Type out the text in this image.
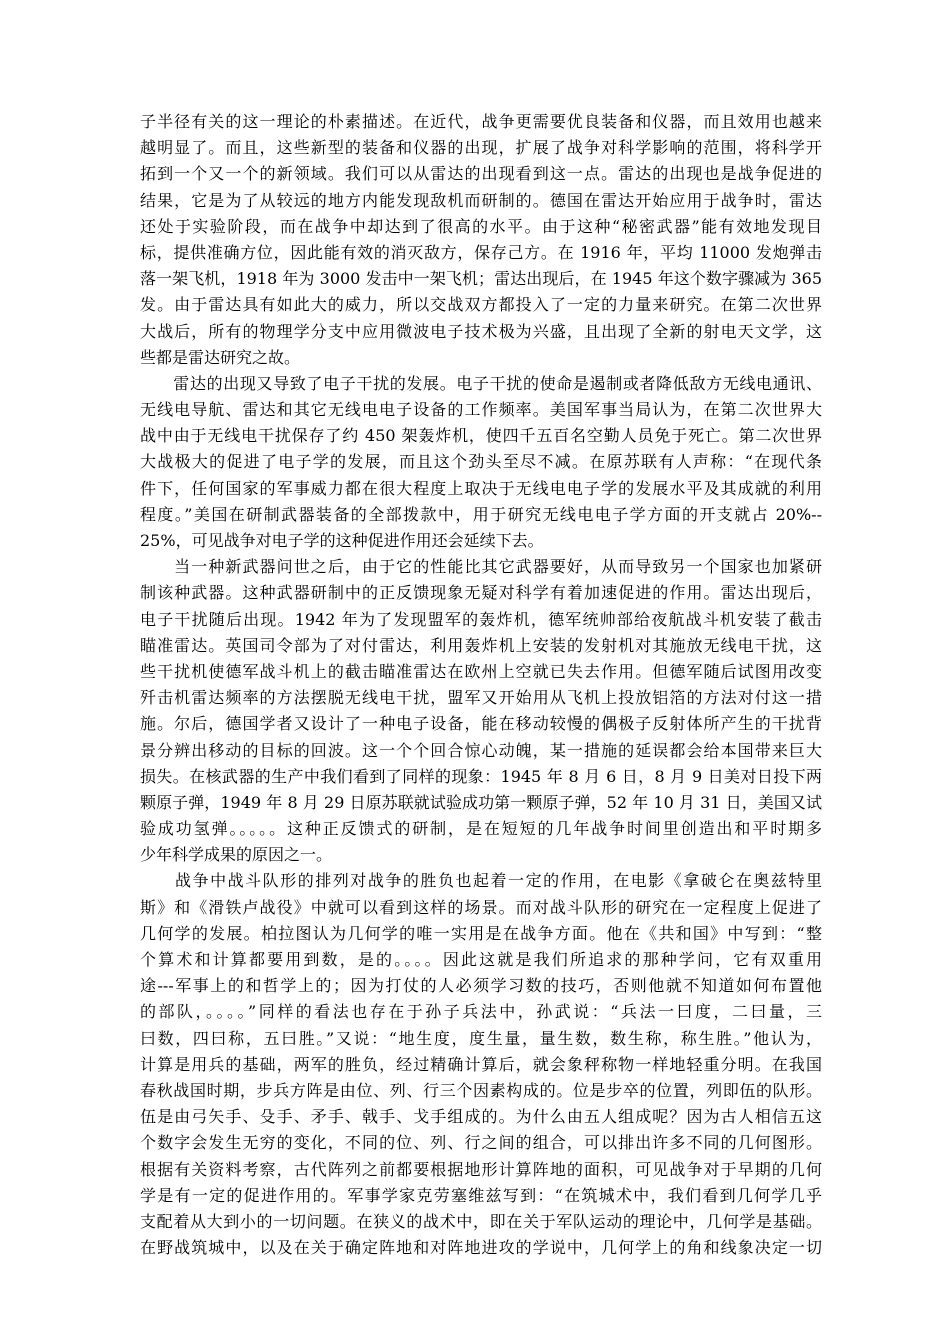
子半径有关的这一理论的朴素描述。在近代，战争更需要优良装备和仪器，而且效用也越来
越明显了。而且，这些新型的装备和仪器的出现，扩展了战争对科学影响的范围，将科学开
拓到一个又一个的新领域。我们可以从雷达的出现看到这一点。雷达的出现也是战争促进的
结果，它是为了从较远的地方内能发现敌机而研制的。德国在雷达开始应用于战争时，雷达
还处于实验阶段，而在战争中却达到了很高的水平。由于这种“秘密武器”能有效地发现目
标，提供准确方位，因此能有效的消灭敌方，保存己方。在 1916 年，平均 11000 发炮弹击
落一架飞机，1918 年为 3000 发击中一架飞机；雷达出现后，在 1945 年这个数字骤减为 365
发。由于雷达具有如此大的威力，所以交战双方都投入了一定的力量来研究。在第二次世界
大战后，所有的物理学分支中应用微波电子技术极为兴盛，且出现了全新的射电天文学，这
些都是雷达研究之故。
　　雷达的出现又导致了电子干扰的发展。电子干扰的使命是遏制或者降低敌方无线电通讯、
无线电导航、雷达和其它无线电电子设备的工作频率。美国军事当局认为，在第二次世界大
战中由于无线电干扰保存了约 450 架轰炸机，使四千五百名空勤人员免于死亡。第二次世界
大战极大的促进了电子学的发展，而且这个劲头至尽不减。在原苏联有人声称：“在现代条
件下，任何国家的军事威力都在很大程度上取决于无线电电子学的发展水平及其成就的利用
程度。”美国在研制武器装备的全部拨款中，用于研究无线电电子学方面的开支就占 20%--
25%，可见战争对电子学的这种促进作用还会延续下去。
　　当一种新武器问世之后，由于它的性能比其它武器要好，从而导致另一个国家也加紧研
制该种武器。这种武器研制中的正反馈现象无疑对科学有着加速促进的作用。雷达出现后，
电子干扰随后出现。1942 年为了发现盟军的轰炸机，德军统帅部给夜航战斗机安装了截击
瞄准雷达。英国司令部为了对付雷达，利用轰炸机上安装的发射机对其施放无线电干扰，这
些干扰机使德军战斗机上的截击瞄准雷达在欧州上空就已失去作用。但德军随后试图用改变
歼击机雷达频率的方法摆脱无线电干扰，盟军又开始用从飞机上投放铝箔的方法对付这一措
施。尔后，德国学者又设计了一种电子设备，能在移动较慢的偶极子反射体所产生的干扰背
景分辨出移动的目标的回波。这一个个回合惊心动魄，某一措施的延误都会给本国带来巨大
损失。在核武器的生产中我们看到了同样的现象：1945 年 8 月 6 日，8 月 9 日美对日投下两
颗原子弹，1949 年 8 月 29 日原苏联就试验成功第一颗原子弹，52 年 10 月 31 日，美国又试
验成功氢弹。。。。。这种正反馈式的研制，是在短短的几年战争时间里创造出和平时期多
少年科学成果的原因之一。
　　战争中战斗队形的排列对战争的胜负也起着一定的作用，在电影《拿破仑在奥兹特里
斯》和《滑铁卢战役》中就可以看到这样的场景。而对战斗队形的研究在一定程度上促进了
几何学的发展。柏拉图认为几何学的唯一实用是在战争方面。他在《共和国》中写到：“整
个算术和计算都要用到数，是的。。。。因此这就是我们所追求的那种学问，它有双重用
途---军事上的和哲学上的；因为打仗的人必须学习数的技巧，否则他就不知道如何布置他
的部队，。。。。”同样的看法也存在于孙子兵法中，孙武说：“兵法一曰度，二曰量，三
曰数，四曰称，五曰胜。”又说：“地生度，度生量，量生数，数生称，称生胜。”他认为，
计算是用兵的基础，两军的胜负，经过精确计算后，就会象秤称物一样地轻重分明。在我国
春秋战国时期，步兵方阵是由位、列、行三个因素构成的。位是步卒的位置，列即伍的队形。
伍是由弓矢手、殳手、矛手、戟手、戈手组成的。为什么由五人组成呢？因为古人相信五这
个数字会发生无穷的变化，不同的位、列、行之间的组合，可以排出许多不同的几何图形。
根据有关资料考察，古代阵列之前都要根据地形计算阵地的面积，可见战争对于早期的几何
学是有一定的促进作用的。军事学家克劳塞维兹写到：“在筑城术中，我们看到几何学几乎
支配着从大到小的一切问题。在狭义的战术中，即在关于军队运动的理论中，几何学是基础。
在野战筑城中，以及在关于确定阵地和对阵地进攻的学说中，几何学上的角和线象决定一切
